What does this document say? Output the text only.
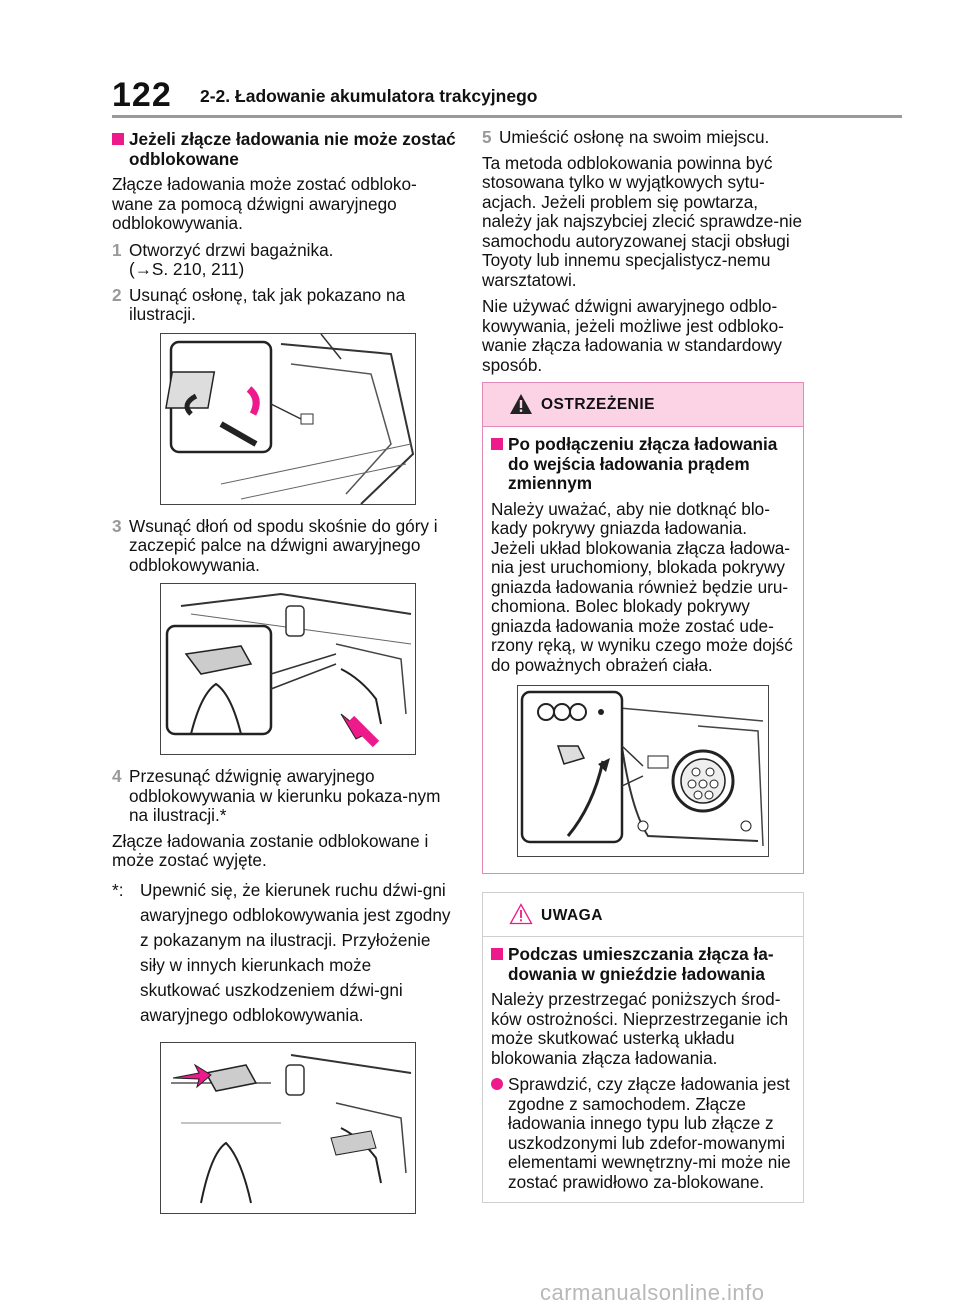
122 2-2. Ładowanie akumulatora trakcyjnego
Jeżeli złącze ładowania nie może zostać odblokowane
Złącze ładowania może zostać odbloko-wane za pomocą dźwigni awaryjnego odblokowywania.
1 Otworzyć drzwi bagażnika.
(→S. 210, 211)
2 Usunąć osłonę, tak jak pokazano na ilustracji.
3 Wsunąć dłoń od spodu skośnie do góry i zaczepić palce na dźwigni awaryjnego odblokowywania.
4 Przesunąć dźwignię awaryjnego odblokowywania w kierunku pokaza-nym na ilustracji.*
Złącze ładowania zostanie odblokowane i może zostać wyjęte.
*: Upewnić się, że kierunek ruchu dźwi-gni awaryjnego odblokowywania jest zgodny z pokazanym na ilustracji. Przyłożenie siły w innych kierunkach może skutkować uszkodzeniem dźwi-gni awaryjnego odblokowywania.
5 Umieścić osłonę na swoim miejscu.
Ta metoda odblokowania powinna być stosowana tylko w wyjątkowych sytu-acjach. Jeżeli problem się powtarza, należy jak najszybciej zlecić sprawdze-nie samochodu autoryzowanej stacji obsługi Toyoty lub innemu specjalistycz-nemu warsztatowi.
Nie używać dźwigni awaryjnego odblo-kowywania, jeżeli możliwe jest odbloko-wanie złącza ładowania w standardowy sposób.
OSTRZEŻENIE
Po podłączeniu złącza ładowania do wejścia ładowania prądem zmiennym
Należy uważać, aby nie dotknąć blo-kady pokrywy gniazda ładowania. Jeżeli układ blokowania złącza ładowa-nia jest uruchomiony, blokada pokrywy gniazda ładowania również będzie uru-chomiona. Bolec blokady pokrywy gniazda ładowania może zostać ude-rzony ręką, w wyniku czego może dojść do poważnych obrażeń ciała.
UWAGA
Podczas umieszczania złącza ła-dowania w gnieździe ładowania
Należy przestrzegać poniższych środ-ków ostrożności. Nieprzestrzeganie ich może skutkować usterką układu blokowania złącza ładowania.
Sprawdzić, czy złącze ładowania jest zgodne z samochodem. Złącze ładowania innego typu lub złącze z uszkodzonymi lub zdefor-mowanymi elementami wewnętrzny-mi może nie zostać prawidłowo za-blokowane.
carmanualsonline.info
